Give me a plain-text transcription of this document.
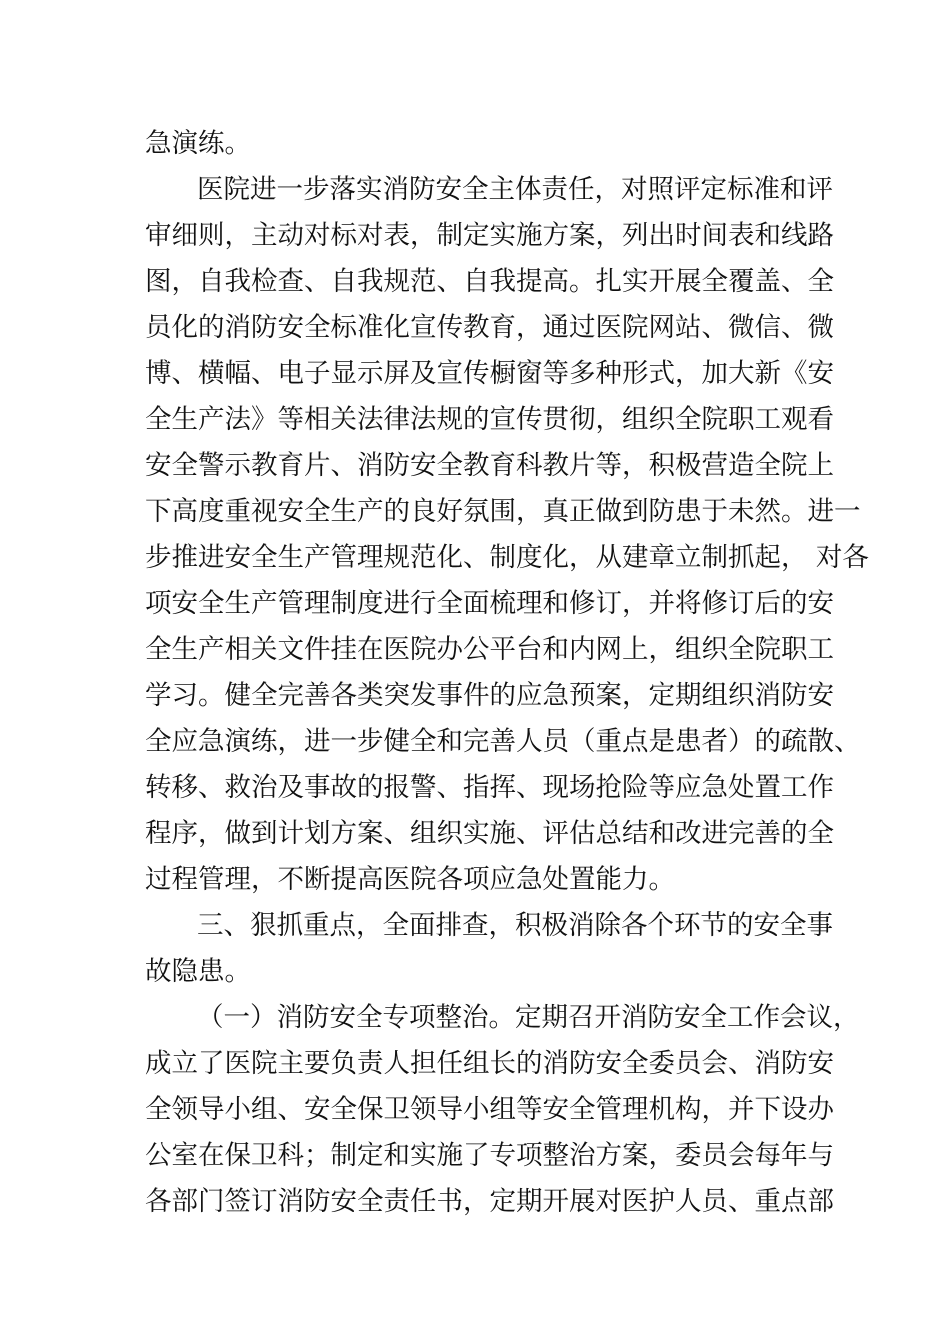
急演练。
医院进一步落实消防安全主体责任，对照评定标准和评
审细则，主动对标对表，制定实施方案，列出时间表和线路
图，自我检查、自我规范、自我提高。扎实开展全覆盖、全
员化的消防安全标准化宣传教育，通过医院网站、微信、微
博、横幅、电子显示屏及宣传橱窗等多种形式，加大新《安
全生产法》等相关法律法规的宣传贯彻，组织全院职工观看
安全警示教育片、消防安全教育科教片等，积极营造全院上
下高度重视安全生产的良好氛围，真正做到防患于未然。进一
步推进安全生产管理规范化、制度化，从建章立制抓起， 对各
项安全生产管理制度进行全面梳理和修订，并将修订后的安
全生产相关文件挂在医院办公平台和内网上，组织全院职工
学习。健全完善各类突发事件的应急预案，定期组织消防安
全应急演练，进一步健全和完善人员（重点是患者）的疏散、
转移、救治及事故的报警、指挥、现场抢险等应急处置工作
程序，做到计划方案、组织实施、评估总结和改进完善的全
过程管理，不断提高医院各项应急处置能力。
三、狠抓重点，全面排查，积极消除各个环节的安全事
故隐患。
（一）消防安全专项整治。定期召开消防安全工作会议，
成立了医院主要负责人担任组长的消防安全委员会、消防安
全领导小组、安全保卫领导小组等安全管理机构，并下设办
公室在保卫科；制定和实施了专项整治方案，委员会每年与
各部门签订消防安全责任书，定期开展对医护人员、重点部
